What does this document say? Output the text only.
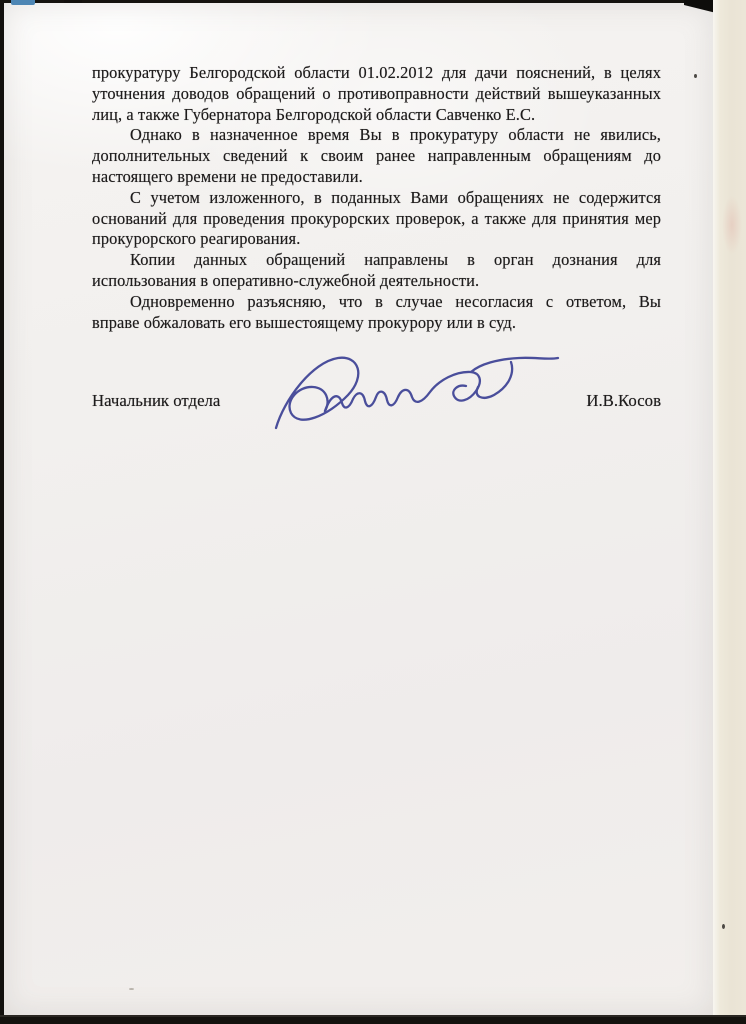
прокуратуру Белгородской области 01.02.2012 для дачи пояснений, в целях
уточнения доводов обращений о противоправности действий вышеуказанных
лиц, а также Губернатора Белгородской области Савченко Е.С.
Однако в назначенное время Вы в прокуратуру области не явились,
дополнительных сведений к своим ранее направленным обращениям до
настоящего времени не предоставили.
С учетом изложенного, в поданных Вами обращениях не содержится
оснований для проведения прокурорских проверок, а также для принятия мер
прокурорского реагирования.
Копии данных обращений направлены в орган дознания для
использования в оперативно-служебной деятельности.
Одновременно разъясняю, что в случае несогласия с ответом, Вы
вправе обжаловать его вышестоящему прокурору или в суд.
Начальник отдела	И.В.Косов
